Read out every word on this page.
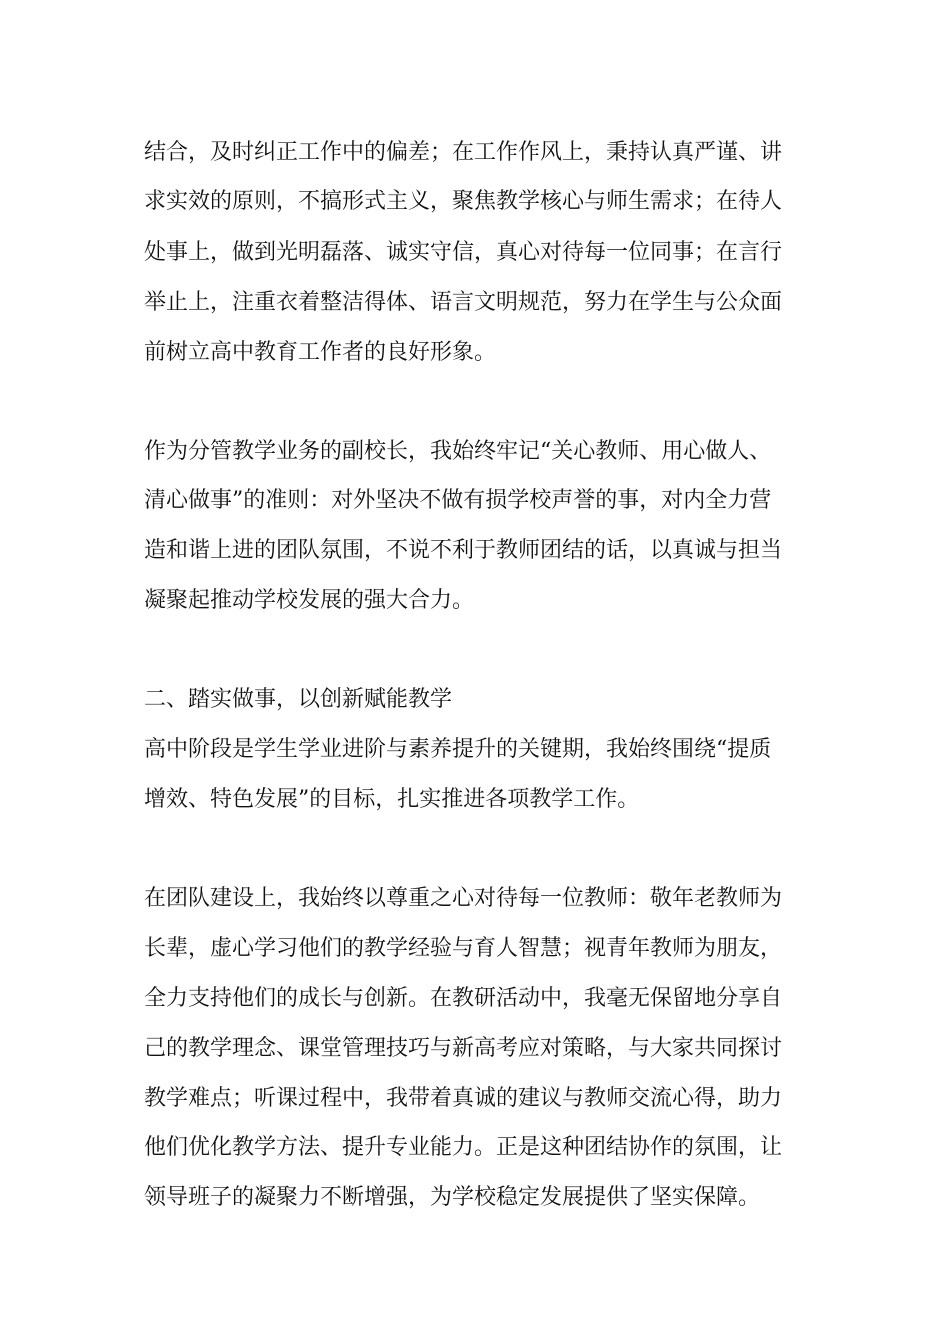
结合，及时纠正工作中的偏差；在工作作风上，秉持认真严谨、讲
求实效的原则，不搞形式主义，聚焦教学核心与师生需求；在待人
处事上，做到光明磊落、诚实守信，真心对待每一位同事；在言行
举止上，注重衣着整洁得体、语言文明规范，努力在学生与公众面
前树立高中教育工作者的良好形象。
作为分管教学业务的副校长，我始终牢记“关心教师、用心做人、
清心做事”的准则：对外坚决不做有损学校声誉的事，对内全力营
造和谐上进的团队氛围，不说不利于教师团结的话，以真诚与担当
凝聚起推动学校发展的强大合力。
二、踏实做事，以创新赋能教学
高中阶段是学生学业进阶与素养提升的关键期，我始终围绕“提质
增效、特色发展”的目标，扎实推进各项教学工作。
在团队建设上，我始终以尊重之心对待每一位教师：敬年老教师为
长辈，虚心学习他们的教学经验与育人智慧；视青年教师为朋友，
全力支持他们的成长与创新。在教研活动中，我毫无保留地分享自
己的教学理念、课堂管理技巧与新高考应对策略，与大家共同探讨
教学难点；听课过程中，我带着真诚的建议与教师交流心得，助力
他们优化教学方法、提升专业能力。正是这种团结协作的氛围，让
领导班子的凝聚力不断增强，为学校稳定发展提供了坚实保障。
